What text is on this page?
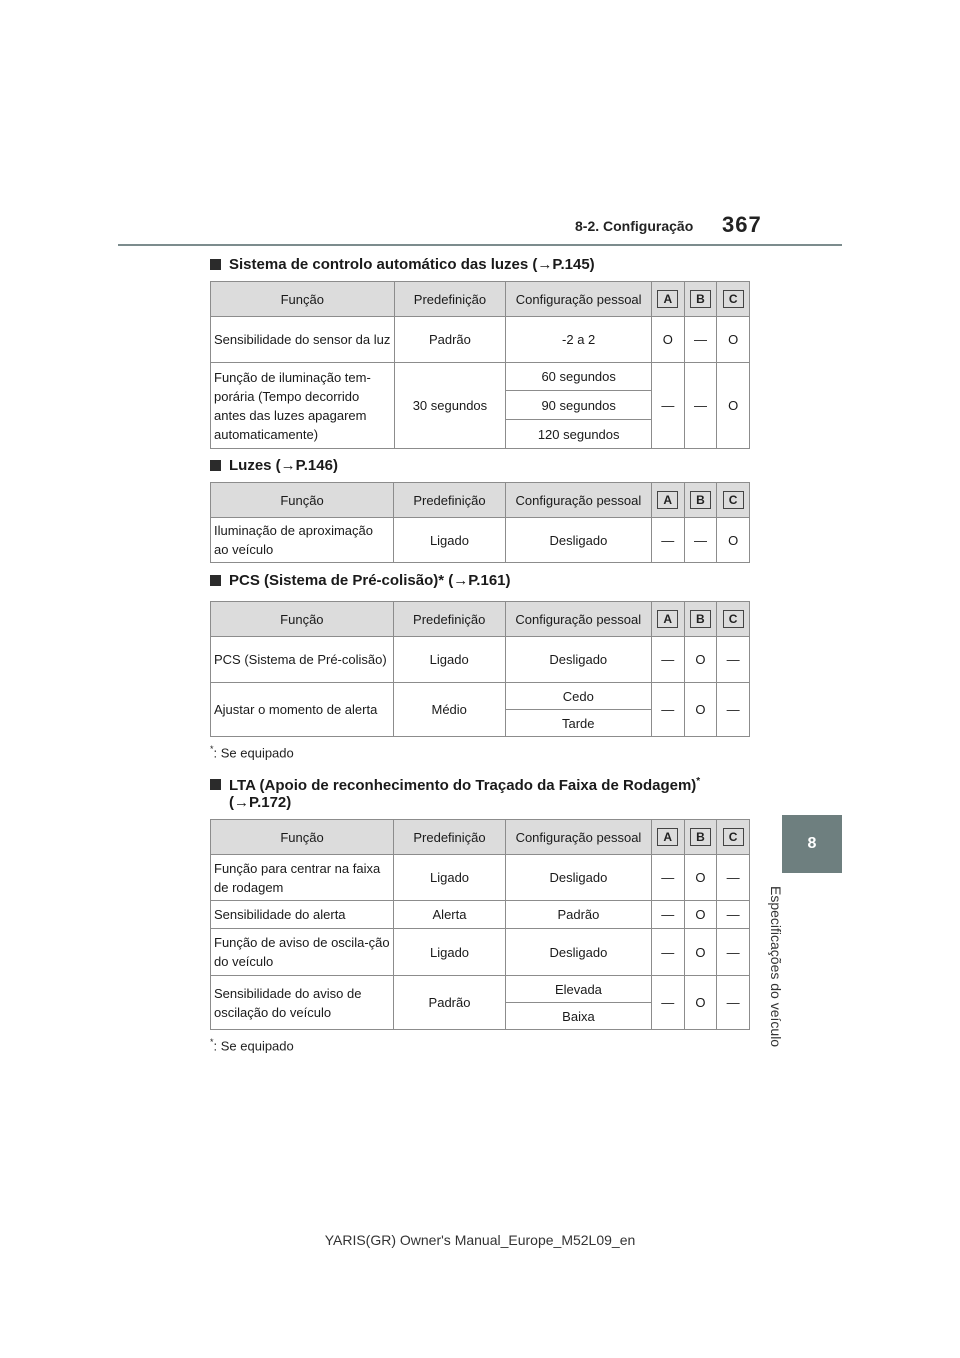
8-2. Configuração 367
8
Especificações do veículo
Sistema de controlo automático das luzes (→P.145)
Função	Predefinição	Configuração pessoal	A	B	C
Sensibilidade do sensor da luz	Padrão	-2 a 2	O	—	O
Função de iluminação tem-porária (Tempo decorrido antes das luzes apagarem automaticamente)	30 segundos	60 segundos	—	—	O
		90 segundos			
		120 segundos			
Luzes (→P.146)
Função	Predefinição	Configuração pessoal	A	B	C
Iluminação de aproximação ao veículo	Ligado	Desligado	—	—	O
PCS (Sistema de Pré-colisão)* (→P.161)
Função	Predefinição	Configuração pessoal	A	B	C
PCS (Sistema de Pré-colisão)	Ligado	Desligado	—	O	—
Ajustar o momento de alerta	Médio	Cedo	—	O	—
		Tarde			
*: Se equipado
LTA (Apoio de reconhecimento do Traçado da Faixa de Rodagem)*
(→P.172)
Função	Predefinição	Configuração pessoal	A	B	C
Função para centrar na faixa de rodagem	Ligado	Desligado	—	O	—
Sensibilidade do alerta	Alerta	Padrão	—	O	—
Função de aviso de oscila-ção do veículo	Ligado	Desligado	—	O	—
Sensibilidade do aviso de oscilação do veículo	Padrão	Elevada	—	O	—
		Baixa			
*: Se equipado
YARIS(GR) Owner's Manual_Europe_M52L09_en
